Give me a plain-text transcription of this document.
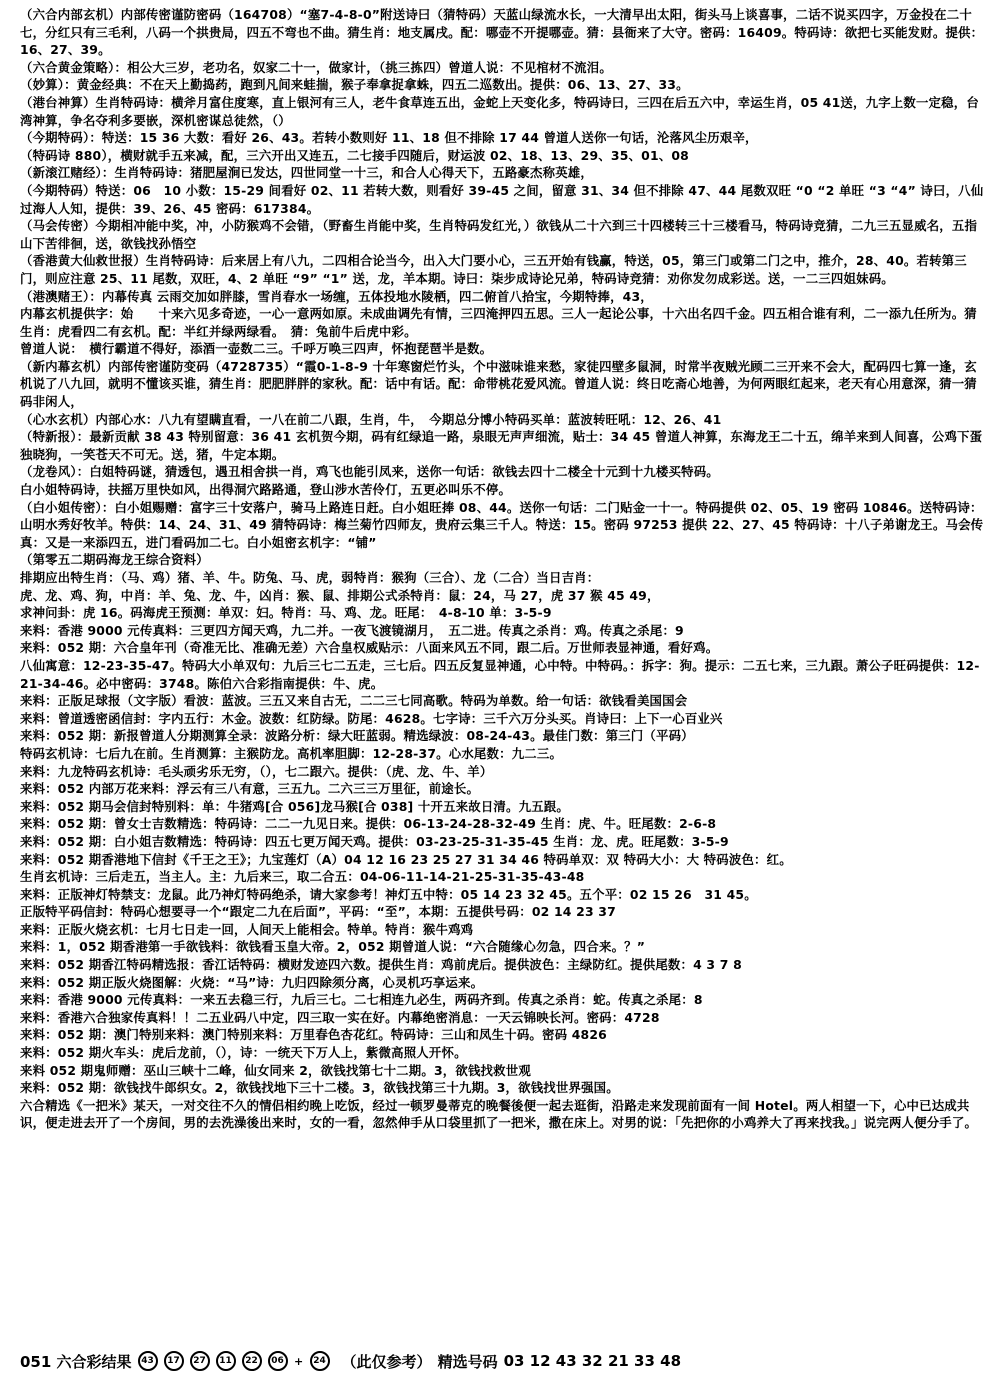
（六合内部玄机）内部传密谨防密码（164708）“塞7-4-8-0”附送诗曰（猜特码）天蓝山绿流水长，一大清早出太阳，街头马上谈喜事，二话不说买四字，万金投在二十七，分红只有三毛利，八码一个拱贵局，四五不弯也不曲。猜生肖：地支属戌。配：哪壶不开提哪壶。猜：县衙来了大守。密码：16409。特码诗：欲把七买能发财。提供：16、27、39。

（六合黄金策略）：相公大三岁，老功名，奴家二十一，做家计，（挑三拣四）曾道人说：不见棺材不流泪。

（妙算）：黄金经典：不在天上勤捣药，跑到凡间来蛙揣，猴子奉拿捉拿蛛，四五二巡数出。提供：06、13、27、33。

（港台神算）生肖特码诗：横斧月富住度寒，直上银河有三人，老牛食草连五出，金蛇上天变化多，特码诗曰，三四在后五六中，幸运生肖，05 41送，九字上数一定稳，台湾神算，争名夺利多要嵌，深机密谋总徒然，（）

（今期特码）：特送：15 36 大数：看好 26、43。若转小数则好 11、18 但不排除 17 44 曾道人送你一句话，沦落风尘历艰辛，

（特码诗 880），横财就手五来减，配，三六开出又连五，二七接手四随后，财运波 02、18、13、29、35、01、08

（新滚江赌经）：生肖特码诗：猪肥屋涧已发达，四世同堂一十三，和合人心得天下，五路豪杰称英雄，

（今期特码）特送：06　10 小数：15-29 间看好 02、11 若转大数，则看好 39-45 之间，留意 31、34 但不排除 47、44 尾数双旺 “0 “2 单旺 “3 “4” 诗曰，八仙过海人人知，提供：39、26、45 密码：617384。

（马会传密）今期相冲能中奖，冲，小防猴鸡不会错，（野畜生肖能中奖，生肖特码发红光，）欲钱从二十六到三十四楼转三十三楼看马，特码诗竞猜，二九三五显威名，五指山下苦徘徊，送，欲钱找孙悟空

（香港黄大仙救世报）生肖特码诗：后来居上有八九，二四相合论当今，出入大门要小心，三五开始有钱赢，特送，05，第三门或第二门之中，推介，28、40。若转第三门，则应注意 25、11 尾数，双旺，4、2 单旺 “9” “1” 送，龙，羊本期。诗曰：柒步成诗论兄弟，特码诗竞猜：劝你发勿成彩送。送，一二三四姐妹码。

（港澳赌王）：内幕传真 云雨交加如胖膝，雪肖春水一场缠，五体投地水陵栖，四二俯首八拾宝，今期特捧，43，

内幕玄机提供字：始　　十来六见多奇迹，一心一意两如原。未成曲调先有情，三四淹押四五思。三人一起论公事，十六出名四千金。四五相合谁有利，二一添九任所为。猜生肖：虎看四二有玄机。配：半红并绿两绿看。　猜：兔前牛后虎中彩。

曾道人说：　横行霸道不得好，添酒一壶数二三。千呼万唤三四声，怀抱琵琶半是数。

（新内幕玄机）内部传密谨防变码（4728735）“霞0-1-8-9 十年寒窗烂竹头，个中滋味谁来愁，家徒四壁多鼠洞，时常半夜贼光顾二三开来不会大，配码四七算一逢，玄机说了八九回，就明不懂该买谁，猜生肖：肥肥胖胖的家秋。配：话中有话。配：命带桃花爱风流。曾道人说：终日吃斋心地善，为何两眼红起来，老天有心用意深，猜一猜码非闲人，

（心水玄机）内部心水：八九有望瞒直看，一八在前二八跟，生肖，牛，　今期总分博小特码买单：蓝波转旺吼：12、26、41

（特新报）：最新贡献 38 43 特别留意：36 41 玄机贺今期，码有红绿追一路，泉眼无声声细流，贴士：34 45 曾道人神算，东海龙王二十五，绵羊来到人间喜，公鸡下蛋独晓狗，一笑苍天不可无。送，猪，牛定本期。

（龙卷风）：白姐特码谜，猜透包，遇丑相舍拱一肖，鸡飞也能引凤来，送你一句话：欲钱去四十二楼全十元到十九楼买特码。

白小姐特码诗，扶摇万里快如风，出得洞穴路路通，登山涉水苦伶仃，五更必叫乐不停。

（白小姐传密）：白小姐赐赠：富字三十安落户，骑马上路连日赶。白小姐旺捧 08、44。送你一句话：二门贴金一十一。特码提供 02、05、19 密码 10846。送特码诗：山明水秀好牧羊。特供：14、24、31、49 猜特码诗：梅兰菊竹四师友，贵府云集三千人。特送：15。密码 97253 提供 22、27、45 特码诗：十八子弟谢龙王。马会传真：又是一来添四五，进门看码加二七。白小姐密玄机字：“铺”

（第零五二期码海龙王综合资料）

排期应出特生肖：（马、鸡）猪、羊、牛。防兔、马、虎，弱特肖：猴狗（三合）、龙（二合）当日吉肖：

虎、龙、鸡、狗，中肖：羊、兔、龙、牛，凶肖：猴、鼠、排期公式杀特肖：鼠：24，马 27，虎 37 猴 45 49，

求神问卦：虎 16。码海虎王预测：单双：妇。特肖：马、鸡、龙。旺尾：　4-8-10 单：3-5-9

来料：香港 9000 元传真料：三更四方闻天鸡，九二并。一夜飞渡镜湖月，　五二进。传真之杀肖：鸡。传真之杀尾：9

来料：052 期：六合皇年刊（奇准无比、准确无差）六合皇权威贴示：八面来风五不同，跟二后。万世师表显神通，看好鸡。

八仙寓意：12-23-35-47。特码大小单双句：九后三七二五走，三七后。四五反复显神通，心中特。中特码。：拆字：狗。提示：二五七来，三九跟。萧公子旺码提供：12-21-34-46。必中密码：3748。陈伯六合彩指南提供：牛、虎。

来料：正版足球报（文字版）看波：蓝波。三五又来自古无，二二三七同高歌。特码为单数。给一句话：欲钱看美国国会

来料：曾道透密函信封：字内五行：木金。波数：红防绿。防尾：4628。七字诗：三千六万分头买。肖诗曰：上下一心百业兴

来料：052 期：新报曾道人分期测算全录：波路分析：绿大旺蓝弱。精选绿波：08-24-43。最佳门数：第三门（平码）

特码玄机诗：七后九在前。生肖测算：主猴防龙。高机率胆脚：12-28-37。心水尾数：九二三。

来料：九龙特码玄机诗：毛头顽劣乐无穷，（），七二跟六。提供：（虎、龙、牛、羊）

来料：052 内部万花来料：浮云有三八有意，三五九。二六三三万里征，前途长。

来料：052 期马会信封特别料：单：牛猪鸡[合 056]龙马猴[合 038] 十开五来故日清。九五跟。

来料：052 期：曾女士吉数精选：特码诗：二二一九见日来。提供：06-13-24-28-32-49 生肖：虎、牛。旺尾数：2-6-8

来料：052 期：白小姐吉数精选：特码诗：四五七更万闻天鸡。提供：03-23-25-31-35-45 生肖：龙、虎。旺尾数：3-5-9

来料：052 期香港地下信封《千王之王》；九宝莲灯（A）04 12 16 23 25 27 31 34 46 特码单双：双 特码大小：大 特码波色：红。

生肖玄机诗：三后走五，当主人。主：九后来三，取二合五：04-06-11-14-21-25-31-35-43-48

来料：正版神灯特禁支：龙鼠。此乃神灯特码绝杀，请大家参考！神灯五中特：05 14 23 32 45。五个平：02 15 26　31 45。

正版特平码信封：特码心想要寻一个“跟定二九在后面”，平码：“至”，本期：五提供号码：02 14 23 37

来料：正版火烧玄机：七月七日走一回，人间天上能相会。特单。特肖：猴牛鸡鸡

来料：1，052 期香港第一手欲钱料：欲钱看玉皇大帝。2，052 期曾道人说：“六合随缘心勿急，四合来。？”

来料：052 期香江特码精选报：香江话特码：横财发迹四六数。提供生肖：鸡前虎后。提供波色：主绿防红。提供尾数：4 3 7 8

来料：052 期正版火烧图解：火烧：“马”诗：九归四除须分离，心灵机巧享运来。

来料：香港 9000 元传真料：一来五去稳三行，九后三七。二七相连九必生，两码齐到。传真之杀肖：蛇。传真之杀尾：8

来料：香港六合独家传真料！！二五业码八中定，四三取一实在好。内幕绝密消息：一天云锦映长河。密码：4728

来料：052 期：澳门特别来料：澳门特别来料：万里春色杏花红。特码诗：三山和凤生十码。密码 4826

来料：052 期火车头：虎后龙前，（），诗：一统天下万人上，紫微高照人开怀。

来料 052 期鬼师赠：巫山三峡十二峰，仙女同来 2，欲钱找第七十二期。3，欲钱找救世观

来料：052 期：欲钱找牛郎织女。2，欲钱找地下三十二楼。3，欲钱找第三十九期。3，欲钱找世界强国。

六合精选《一把米》某天，一对交往不久的情侣相约晚上吃饭，经过一顿罗曼蒂克的晚餐後便一起去逛街，沿路走来发现前面有一间 Hotel。两人相望一下，心中已达成共识，便走进去开了一个房间，男的去洗澡後出来时，女的一看，忽然伸手从口袋里抓了一把米，撒在床上。对男的说：「先把你的小鸡养大了再来找我。」说完两人便分手了。

051 六合彩结果	43	17	27	11	22	06 +	24 （此仅参考） 精选号码 03 12 43 32 21 33 48
